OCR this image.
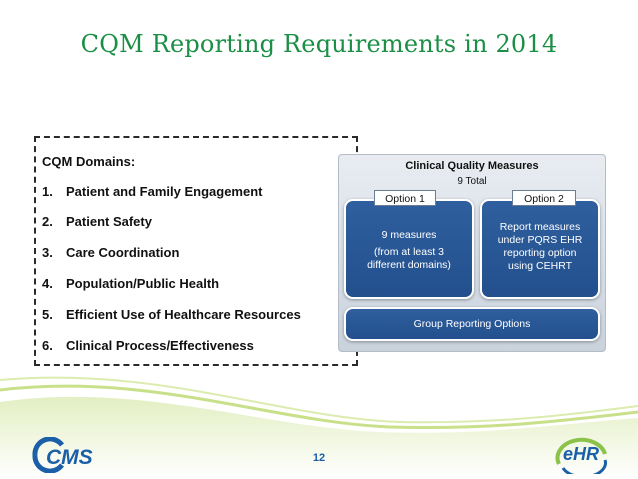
CQM Reporting Requirements in 2014
CQM Domains:
1. Patient and Family Engagement
2. Patient Safety
3. Care Coordination
4. Population/Public Health
5. Efficient Use of Healthcare Resources
6. Clinical Process/Effectiveness
Clinical Quality Measures
9 Total
9 measures
(from at least 3
different domains)
Report measures
under PQRS EHR
reporting option
using CEHRT
Group Reporting Options
Option 1	Option 2
CMS	eHR
12
